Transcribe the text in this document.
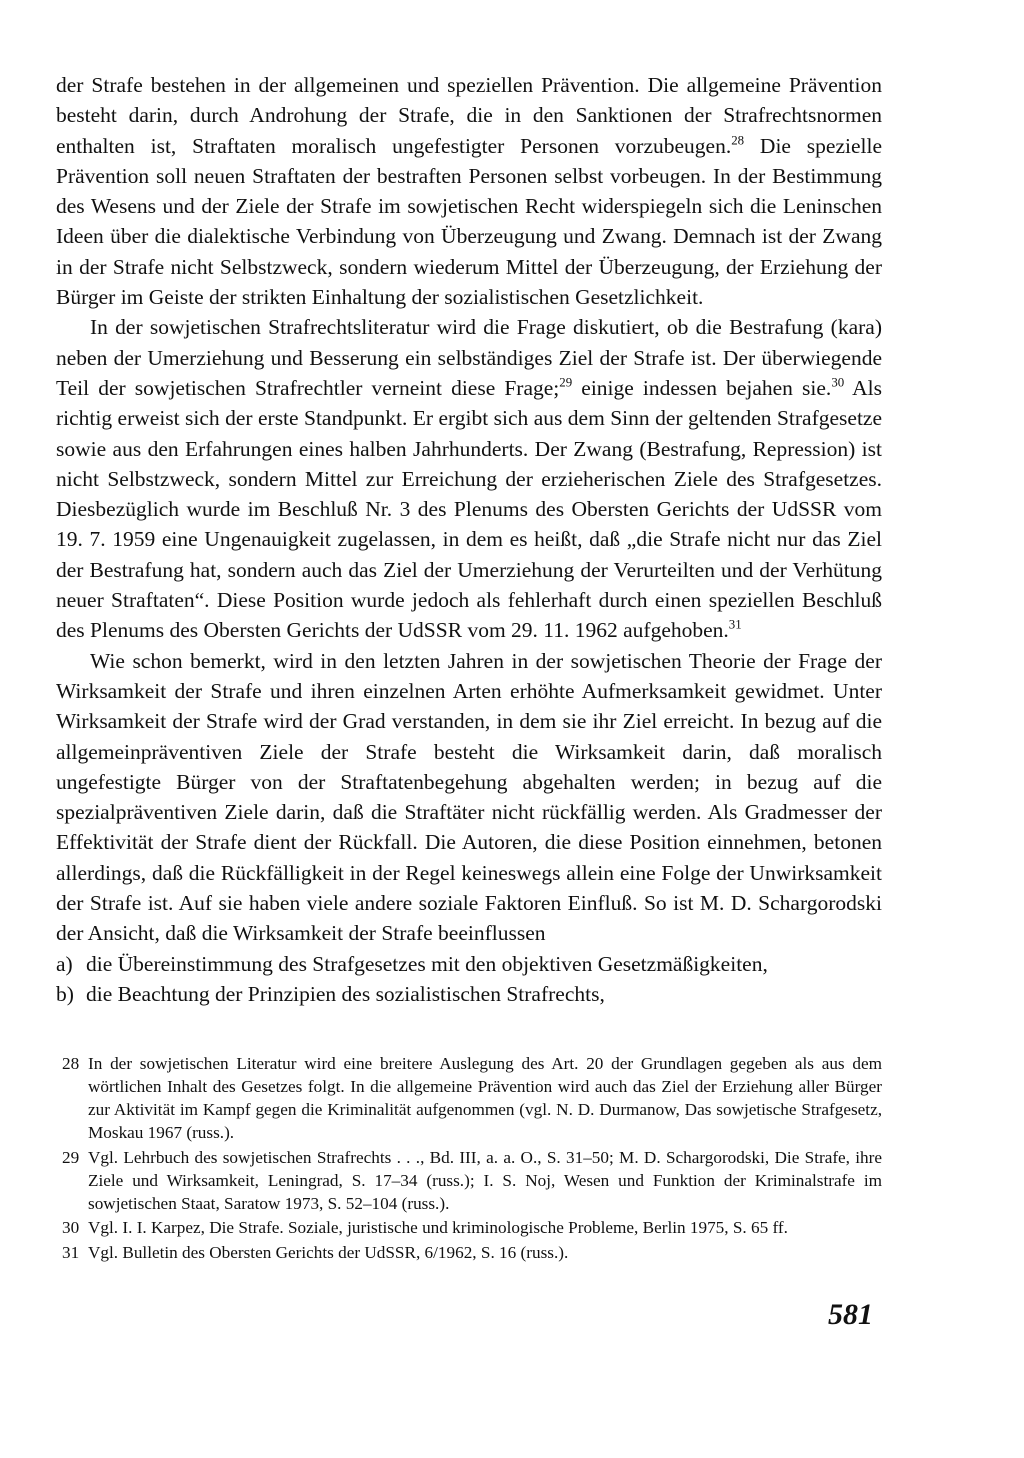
der Strafe bestehen in der allgemeinen und speziellen Prävention. Die allgemeine Prävention besteht darin, durch Androhung der Strafe, die in den Sanktionen der Strafrechtsnormen enthalten ist, Straftaten moralisch ungefestigter Personen vorzubeugen.$^{28}$ Die spezielle Prävention soll neuen Straftaten der bestraften Personen selbst vorbeugen. In der Bestimmung des Wesens und der Ziele der Strafe im sowjetischen Recht widerspiegeln sich die Leninschen Ideen über die dialektische Verbindung von Überzeugung und Zwang. Demnach ist der Zwang in der Strafe nicht Selbstzweck, sondern wiederum Mittel der Überzeugung, der Erziehung der Bürger im Geiste der strikten Einhaltung der sozialistischen Gesetzlichkeit.

In der sowjetischen Strafrechtsliteratur wird die Frage diskutiert, ob die Bestrafung (kara) neben der Umerziehung und Besserung ein selbständiges Ziel der Strafe ist. Der überwiegende Teil der sowjetischen Strafrechtler verneint diese Frage;$^{29}$ einige indessen bejahen sie.$^{30}$ Als richtig erweist sich der erste Standpunkt. Er ergibt sich aus dem Sinn der geltenden Strafgesetze sowie aus den Erfahrungen eines halben Jahrhunderts. Der Zwang (Bestrafung, Repression) ist nicht Selbstzweck, sondern Mittel zur Erreichung der erzieherischen Ziele des Strafgesetzes. Diesbezüglich wurde im Beschluß Nr. 3 des Plenums des Obersten Gerichts der UdSSR vom 19. 7. 1959 eine Ungenauigkeit zugelassen, in dem es heißt, daß „die Strafe nicht nur das Ziel der Bestrafung hat, sondern auch das Ziel der Umerziehung der Verurteilten und der Verhütung neuer Straftaten“. Diese Position wurde jedoch als fehlerhaft durch einen speziellen Beschluß des Plenums des Obersten Gerichts der UdSSR vom 29. 11. 1962 aufgehoben.$^{31}$

Wie schon bemerkt, wird in den letzten Jahren in der sowjetischen Theorie der Frage der Wirksamkeit der Strafe und ihren einzelnen Arten erhöhte Aufmerksamkeit gewidmet. Unter Wirksamkeit der Strafe wird der Grad verstanden, in dem sie ihr Ziel erreicht. In bezug auf die allgemeinpräventiven Ziele der Strafe besteht die Wirksamkeit darin, daß moralisch ungefestigte Bürger von der Straftatenbegehung abgehalten werden; in bezug auf die spezialpräventiven Ziele darin, daß die Straftäter nicht rückfällig werden. Als Gradmesser der Effektivität der Strafe dient der Rückfall. Die Autoren, die diese Position einnehmen, betonen allerdings, daß die Rückfälligkeit in der Regel keineswegs allein eine Folge der Unwirksamkeit der Strafe ist. Auf sie haben viele andere soziale Faktoren Einfluß. So ist M. D. Schargorodski der Ansicht, daß die Wirksamkeit der Strafe beeinflussen

a) die Übereinstimmung des Strafgesetzes mit den objektiven Gesetzmäßigkeiten,
b) die Beachtung der Prinzipien des sozialistischen Strafrechts,
28 In der sowjetischen Literatur wird eine breitere Auslegung des Art. 20 der Grundlagen gegeben als aus dem wörtlichen Inhalt des Gesetzes folgt. In die allgemeine Prävention wird auch das Ziel der Erziehung aller Bürger zur Aktivität im Kampf gegen die Kriminalität aufgenommen (vgl. N. D. Durmanow, Das sowjetische Strafgesetz, Moskau 1967 (russ.).
29 Vgl. Lehrbuch des sowjetischen Strafrechts . . ., Bd. III, a. a. O., S. 31–50; M. D. Schargorodski, Die Strafe, ihre Ziele und Wirksamkeit, Leningrad, S. 17–34 (russ.); I. S. Noj, Wesen und Funktion der Kriminalstrafe im sowjetischen Staat, Saratow 1973, S. 52–104 (russ.).
30 Vgl. I. I. Karpez, Die Strafe. Soziale, juristische und kriminologische Probleme, Berlin 1975, S. 65 ff.
31 Vgl. Bulletin des Obersten Gerichts der UdSSR, 6/1962, S. 16 (russ.).
581
